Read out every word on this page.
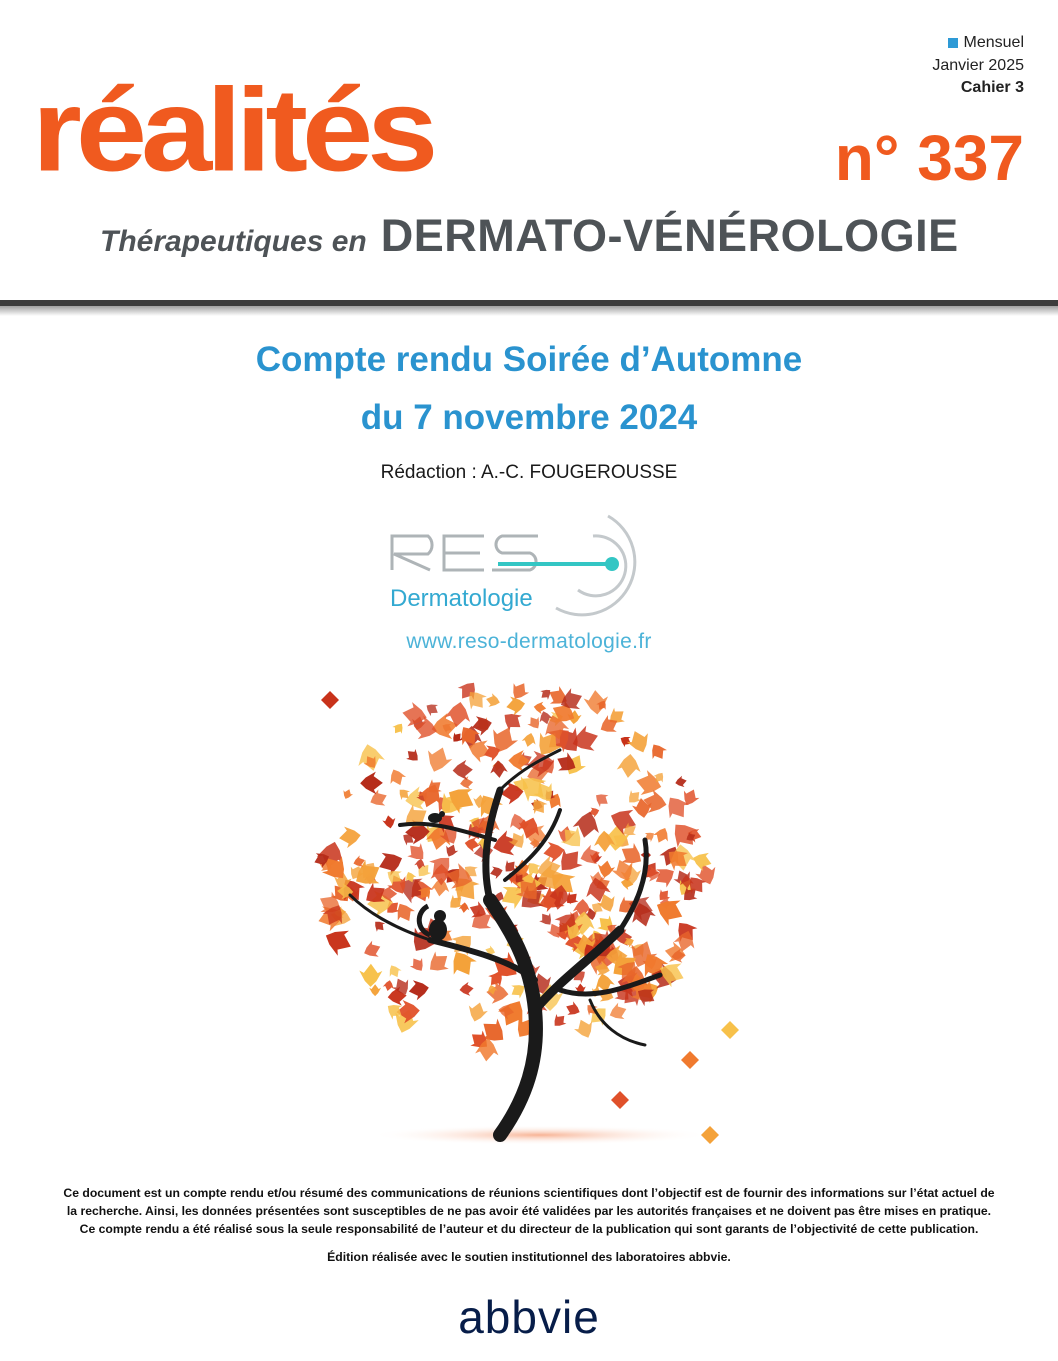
Mensuel
Janvier 2025
Cahier 3
réalités	n° 337
Thérapeutiques en DERMATO-VÉNÉROLOGIE
Compte rendu Soirée d’Automne
du 7 novembre 2024
Rédaction : A.-C. FOUGEROUSSE
Dermatologie
www.reso-dermatologie.fr
Ce document est un compte rendu et/ou résumé des communications de réunions scientifiques dont l’objectif est de fournir des informations sur l’état actuel de
la recherche. Ainsi, les données présentées sont susceptibles de ne pas avoir été validées par les autorités françaises et ne doivent pas être mises en pratique.
Ce compte rendu a été réalisé sous la seule responsabilité de l’auteur et du directeur de la publication qui sont garants de l’objectivité de cette publication.
Édition réalisée avec le soutien institutionnel des laboratoires abbvie.
abbvie
